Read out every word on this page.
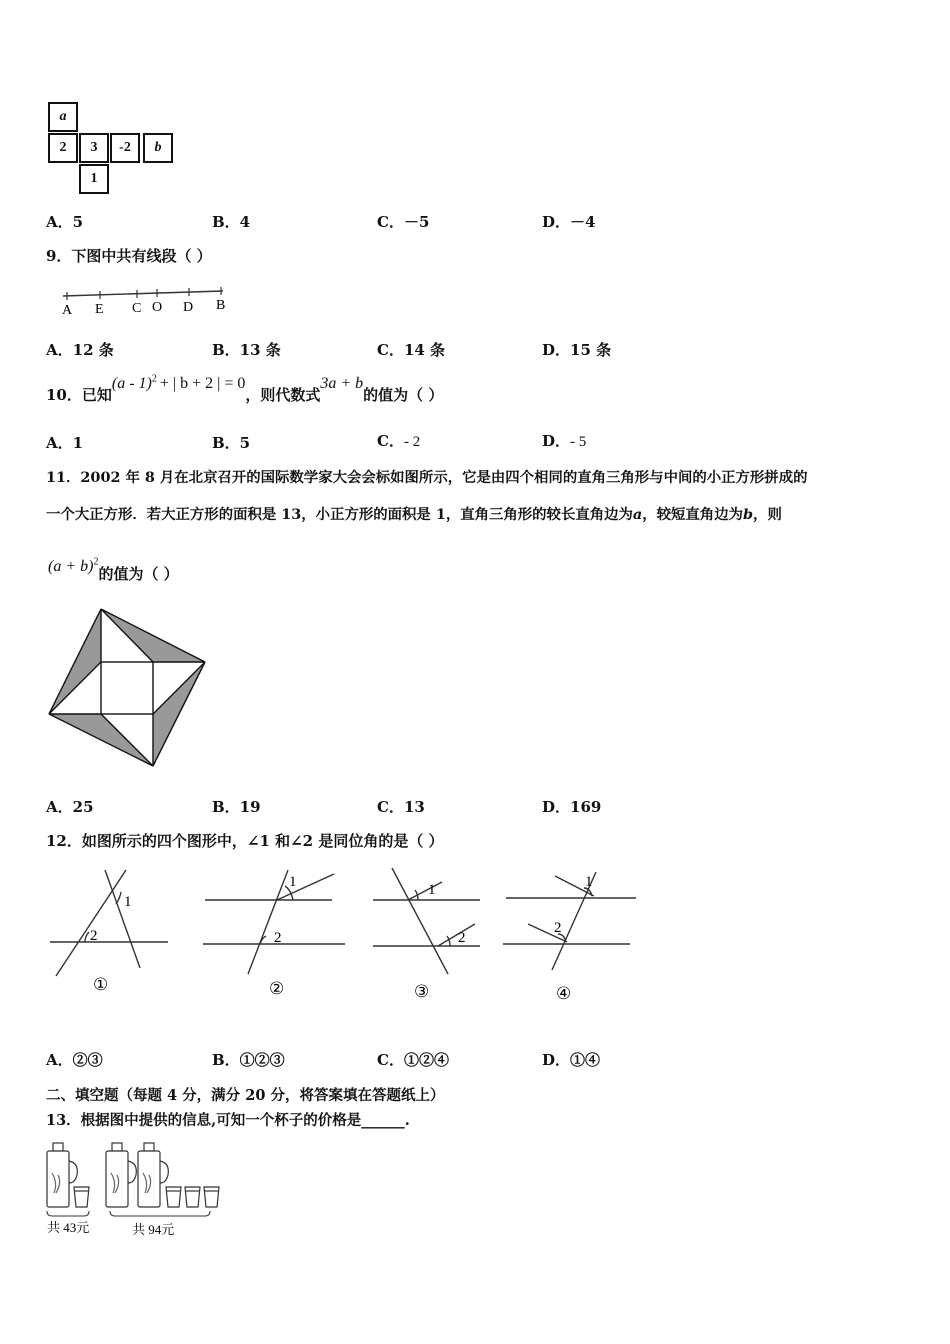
a
2	3	-2	b
1
A．5	B．4	C．－5	D．－4
9．下图中共有线段（ ）
A E C O D B
A．12 条	B．13 条	C．14 条	D．15 条
10．已知(a - 1)$^2$ + | b + 2 | = 0，则代数式3a + b的值为（ ）
A．1	B．5	C．- 2	D．- 5
11．2002 年 8 月在北京召开的国际数学家大会会标如图所示，它是由四个相同的直角三角形与中间的小正方形拼成的
一个大正方形．若大正方形的面积是 13，小正方形的面积是 1，直角三角形的较长直角边为a，较短直角边为b，则
$(a + b)^2$的值为（ ）
A．25	B．19	C．13	D．169
12．如图所示的四个图形中，∠1 和∠2 是同位角的是（ ）
1
2
1
2
1
2
1
2
①	②	③	④
A．②③	B．①②③	C．①②④	D．①④
二、填空题（每题 4 分，满分 20 分，将答案填在答题纸上）
13．根据图中提供的信息,可知一个杯子的价格是______.
共 43元	共 94元
